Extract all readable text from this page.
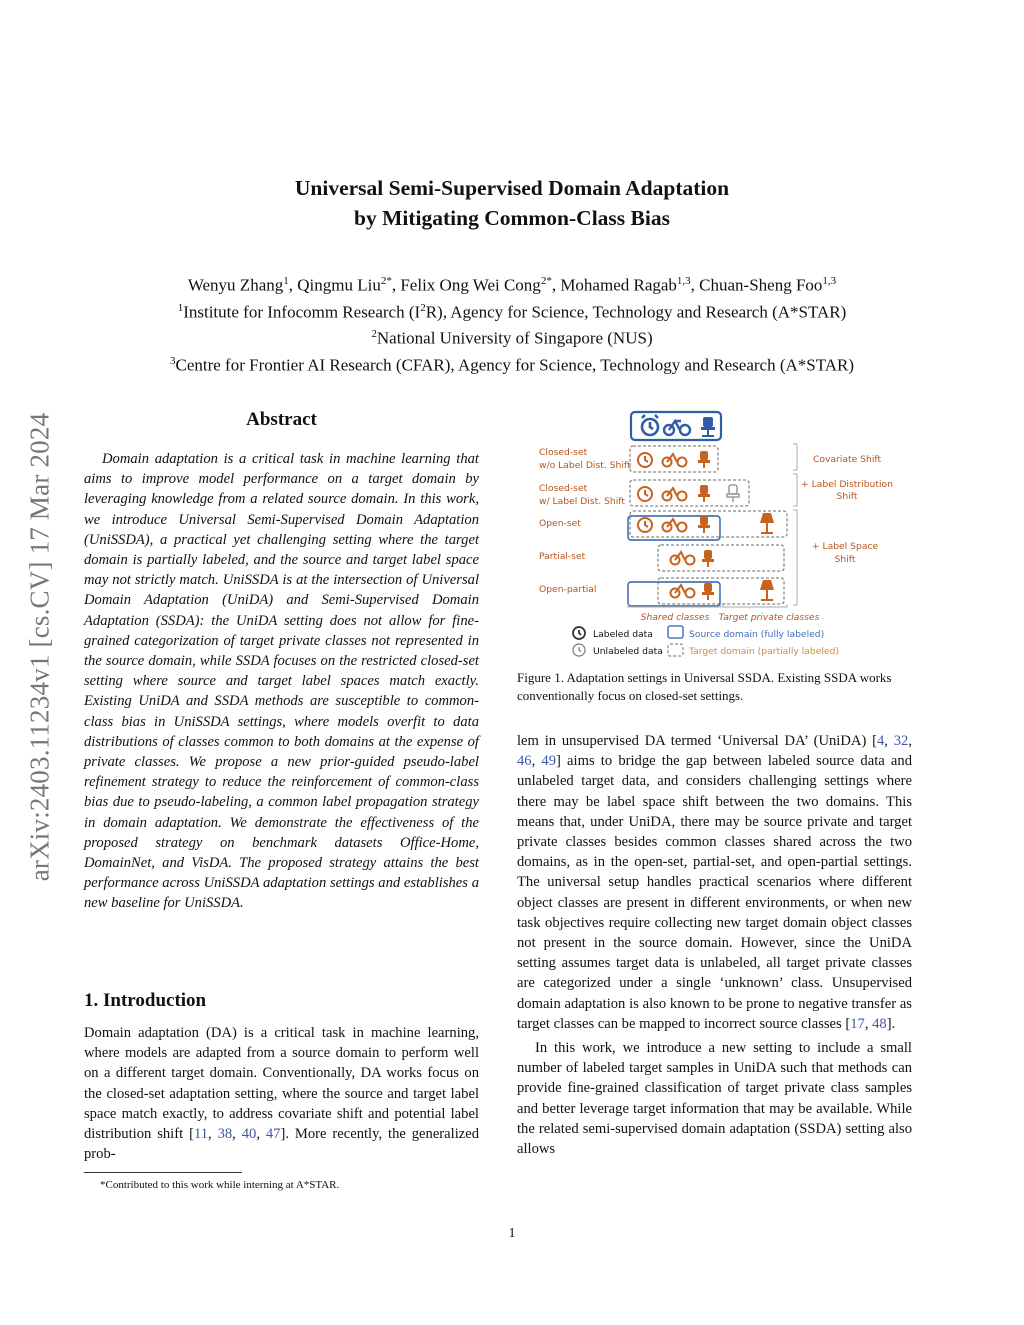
arXiv:2403.11234v1 [cs.CV] 17 Mar 2024
Universal Semi-Supervised Domain Adaptation
by Mitigating Common-Class Bias
Wenyu Zhang$^1$, Qingmu Liu$^{2*}$, Felix Ong Wei Cong$^{2*}$, Mohamed Ragab$^{1,3}$, Chuan-Sheng Foo$^{1,3}$
$^1$Institute for Infocomm Research $(I^2R)$, Agency for Science, Technology and Research (A*STAR)
$^2$National University of Singapore (NUS)
$^3$Centre for Frontier AI Research (CFAR), Agency for Science, Technology and Research (A*STAR)
Abstract
Domain adaptation is a critical task in machine learning that aims to improve model performance on a target domain by leveraging knowledge from a related source domain. In this work, we introduce Universal Semi-Supervised Domain Adaptation (UniSSDA), a practical yet challenging setting where the target domain is partially labeled, and the source and target label space may not strictly match. UniSSDA is at the intersection of Universal Domain Adaptation (UniDA) and Semi-Supervised Domain Adaptation (SSDA): the UniDA setting does not allow for fine-grained categorization of target private classes not represented in the source domain, while SSDA focuses on the restricted closed-set setting where source and target label spaces match exactly. Existing UniDA and SSDA methods are susceptible to common-class bias in UniSSDA settings, where models overfit to data distributions of classes common to both domains at the expense of private classes. We propose a new prior-guided pseudo-label refinement strategy to reduce the reinforcement of common-class bias due to pseudo-labeling, a common label propagation strategy in domain adaptation. We demonstrate the effectiveness of the proposed strategy on benchmark datasets Office-Home, DomainNet, and VisDA. The proposed strategy attains the best performance across UniSSDA adaptation settings and establishes a new baseline for UniSSDA.
1. Introduction
Domain adaptation (DA) is a critical task in machine learning, where models are adapted from a source domain to perform well on a different target domain. Conventionally, DA works focus on the closed-set adaptation setting, where the source and target label space match exactly, to address covariate shift and potential label distribution shift [11, 38, 40, 47]. More recently, the generalized prob-
*Contributed to this work while interning at A*STAR.
Closed-set
w/o Label Dist. Shift
Closed-set
w/ Label Dist. Shift
Open-set
Partial-set
Open-partial
Covariate Shift
+ Label Distribution
Shift
+ Label Space
Shift
Shared classes Target private classes
Labeled data
Unlabeled data
Source domain (fully labeled)
Target domain (partially labeled)
Figure 1. Adaptation settings in Universal SSDA. Existing SSDA works conventionally focus on closed-set settings.
lem in unsupervised DA termed ‘Universal DA’ (UniDA) [4, 32, 46, 49] aims to bridge the gap between labeled source data and unlabeled target data, and considers challenging settings where there may be label space shift between the two domains. This means that, under UniDA, there may be source private and target private classes besides common classes shared across the two domains, as in the open-set, partial-set, and open-partial settings. The universal setup handles practical scenarios where different object classes are present in different environments, or when new task objectives require collecting new target domain object classes not present in the source domain. However, since the UniDA setting assumes target data is unlabeled, all target private classes are categorized under a single ‘unknown’ class. Unsupervised domain adaptation is also known to be prone to negative transfer as target classes can be mapped to incorrect source classes [17, 48].
In this work, we introduce a new setting to include a small number of labeled target samples in UniDA such that methods can provide fine-grained classification of target private class samples and better leverage target information that may be available. While the related semi-supervised domain adaptation (SSDA) setting also allows
1
